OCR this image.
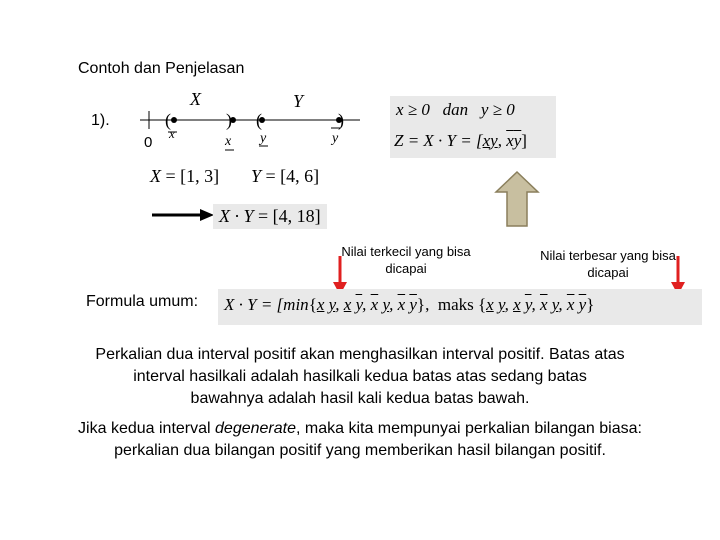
Contoh dan Penjelasan
1).	(	) (	)
X	Y
0
x
x y	y
X = [1, 3] Y = [4, 6]
X · Y = [4, 18]
x ≥ 0   dan   y ≥ 0
Z = X · Y = [xy, $\overline{x}\overline{y}$]
Nilai terkecil yang bisa dicapai
Nilai terbesar yang bisa dicapai
Formula umum: X · Y = [min{x y, x $\overline{y}$, $\overline{x}$ y, $\overline{x}$ $\overline{y}$},  maks {x y, x $\overline{y}$, $\overline{x}$ y, $\overline{x}$ $\overline{y}$}
Perkalian dua interval positif akan menghasilkan interval positif. Batas atas interval hasilkali adalah hasilkali kedua batas atas sedang batas bawahnya adalah hasil kali kedua batas bawah.
Jika kedua interval degenerate, maka kita mempunyai perkalian bilangan biasa: perkalian dua bilangan positif yang memberikan hasil bilangan positif.
